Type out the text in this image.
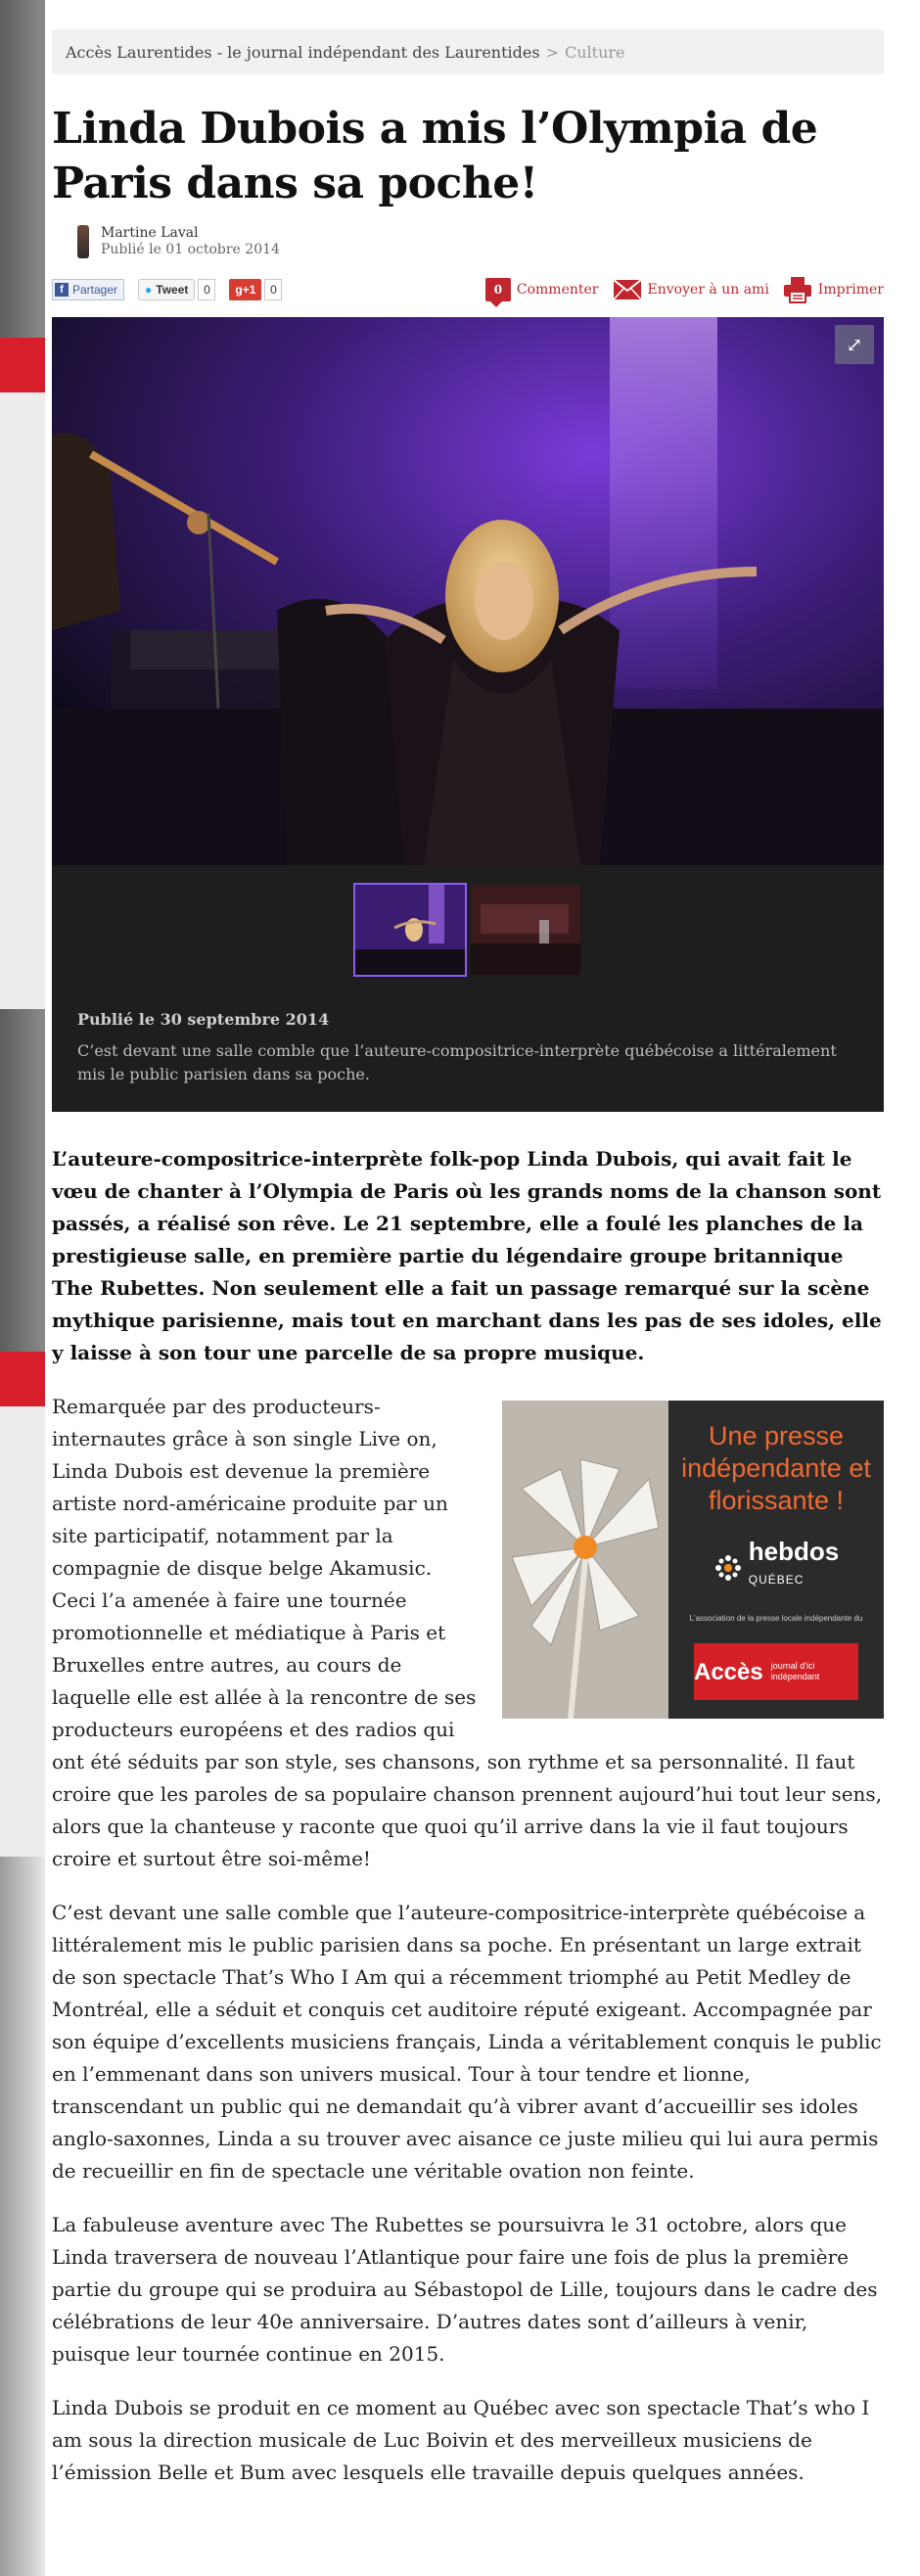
Accès Laurentides - le journal indépendant des Laurentides > Culture
Linda Dubois a mis l’Olympia de Paris dans sa poche!
Martine Laval
Publié le 01 octobre 2014
f Partager ● Tweet	0	g+1	0	0	Commenter	Envoyer à un ami	Imprimer
⤢
Publié le 30 septembre 2014
C’est devant une salle comble que l’auteure-compositrice-interprète québécoise a littéralement mis le public parisien dans sa poche.

L’auteure-compositrice-interprète folk-pop Linda Dubois, qui avait fait le vœu de chanter à l’Olympia de Paris où les grands noms de la chanson sont passés, a réalisé son rêve. Le 21 septembre, elle a foulé les planches de la prestigieuse salle, en première partie du légendaire groupe britannique The Rubettes. Non seulement elle a fait un passage remarqué sur la scène mythique parisienne, mais tout en marchant dans les pas de ses idoles, elle y laisse à son tour une parcelle de sa propre musique.

Une presse indépendante et florissante !
hebdos
QUÉBEC
L'association de la presse locale indépendante du
Accès journal d'ici indépendant
Remarquée par des producteurs-internautes grâce à son single Live on, Linda Dubois est devenue la première artiste nord-américaine produite par un site participatif, notamment par la compagnie de disque belge Akamusic. Ceci l’a amenée à faire une tournée promotionnelle et médiatique à Paris et Bruxelles entre autres, au cours de laquelle elle est allée à la rencontre de ses producteurs européens et des radios qui ont été séduits par son style, ses chansons, son rythme et sa personnalité. Il faut croire que les paroles de sa populaire chanson prennent aujourd’hui tout leur sens, alors que la chanteuse y raconte que quoi qu’il arrive dans la vie il faut toujours croire et surtout être soi-même!

C’est devant une salle comble que l’auteure-compositrice-interprète québécoise a littéralement mis le public parisien dans sa poche. En présentant un large extrait de son spectacle That’s Who I Am qui a récemment triomphé au Petit Medley de Montréal, elle a séduit et conquis cet auditoire réputé exigeant. Accompagnée par son équipe d’excellents musiciens français, Linda a véritablement conquis le public en l’emmenant dans son univers musical. Tour à tour tendre et lionne, transcendant un public qui ne demandait qu’à vibrer avant d’accueillir ses idoles anglo-saxonnes, Linda a su trouver avec aisance ce juste milieu qui lui aura permis de recueillir en fin de spectacle une véritable ovation non feinte.

La fabuleuse aventure avec The Rubettes se poursuivra le 31 octobre, alors que Linda traversera de nouveau l’Atlantique pour faire une fois de plus la première partie du groupe qui se produira au Sébastopol de Lille, toujours dans le cadre des célébrations de leur 40e anniversaire. D’autres dates sont d’ailleurs à venir, puisque leur tournée continue en 2015.

Linda Dubois se produit en ce moment au Québec avec son spectacle That’s who I am sous la direction musicale de Luc Boivin et des merveilleux musiciens de l’émission Belle et Bum avec lesquels elle travaille depuis quelques années.
